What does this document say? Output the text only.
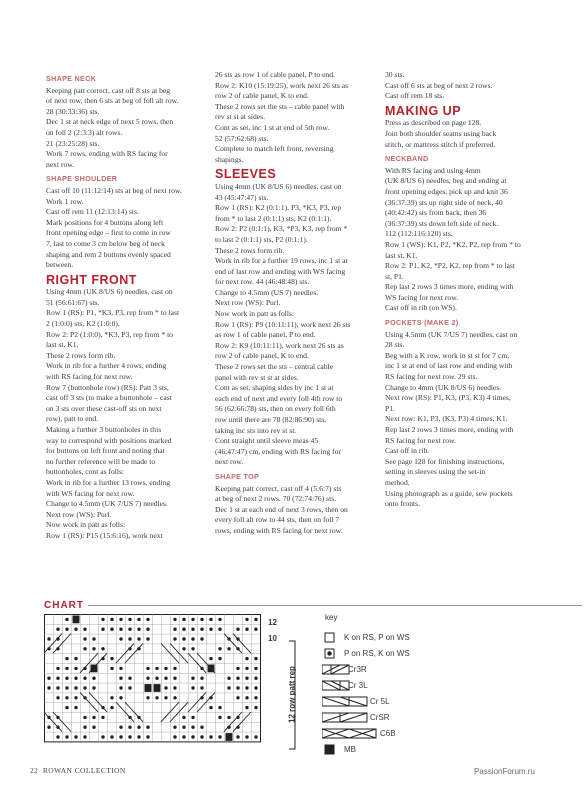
SHAPE NECK
Keeping patt correct, cast off 8 sts at beg
of next row, then 6 sts at beg of foll alt row.
28 (30:33:36) sts.
Dec 1 st at neck edge of next 5 rows, then
on foll 2 (2:3:3) alt rows.
21 (23:25:28) sts.
Work 7 rows, ending with RS facing for
next row.
SHAPE SHOULDER
Cast off 10 (11:12:14) sts at beg of next row.
Work 1 row.
Cast off rem 11 (12:13:14) sts.
Mark positions for 4 buttons along left
front opening edge – first to come in row
7, last to come 3 cm below beg of neck
shaping and rem 2 buttons evenly spaced
between.
RIGHT FRONT
Using 4mm (UK 8/US 6) needles, cast on
51 (56:61:67) sts.
Row 1 (RS): P1, *K3, P3, rep from * to last
2 (1:0:0) sts, K2 (1:0:0).
Row 2: P2 (1:0:0), *K3, P3, rep from * to
last st, K1.
These 2 rows form rib.
Work in rib for a further 4 rows, ending
with RS facing for next row.
Row 7 (buttonhole row) (RS): Patt 3 sts,
cast off 3 sts (to make a buttonhole – cast
on 3 sts over these cast-off sts on next
row), patt to end.
Making a further 3 buttonholes in this
way to correspond with positions marked
for buttons on left front and noting that
no further reference will be made to
buttonholes, cont as folls:
Work in rib for a further 13 rows, ending
with WS facing for next row.
Change to 4.5mm (UK 7/US 7) needles.
Next row (WS): Purl.
Now work in patt as folls:
Row 1 (RS): P15 (15:6:16), work next
26 sts as row 1 of cable panel, P to end.
Row 2: K10 (15:19:25), work next 26 sts as
row 2 of cable panel, K to end.
These 2 rows set the sts – cable panel with
rev st st at sides.
Cont as set, inc 1 st at end of 5th row.
52 (57:62:68) sts.
Complete to match left front, reversing
shapings.
SLEEVES
Using 4mm (UK 8/US 6) needles, cast on
43 (45:47:47) sts.
Row 1 (RS): K2 (0:1:1), P3, *K3, P3, rep
from * to last 2 (0:1:1) sts, K2 (0:1:1).
Row 2: P2 (0:1:1), K3, *P3, K3, rep from *
to last 2 (0:1:1) sts, P2 (0:1:1).
These 2 rows form rib.
Work in rib for a further 19 rows, inc 1 st at
end of last row and ending with WS facing
for next row. 44 (46:48:48) sts.
Change to 4.5mm (US 7) needles.
Next row (WS): Purl.
Now work in patt as folls:
Row 1 (RS): P9 (10:11:11), work next 26 sts
as row 1 of cable panel, P to end.
Row 2: K9 (10:11:11), work next 26 sts as
row 2 of cable panel, K to end.
These 2 rows set the sts – central cable
panel with rev st st at sides.
Cont as set, shaping sides by inc 1 st at
each end of next and every foll 4th row to
56 (62:66:78) sts, then on every foll 6th
row until there are 78 (82:86:90) sts,
taking inc sts into rev st st.
Cont straight until sleeve meas 45
(46:47:47) cm, ending with RS facing for
next row.
SHAPE TOP
Keeping patt correct, cast off 4 (5:6:7) sts
at beg of next 2 rows. 70 (72:74:76) sts.
Dec 1 st at each end of next 3 rows, then on
every foll alt row to 44 sts, then on foll 7
rows, ending with RS facing for next row.
30 sts.
Cast off 6 sts at beg of next 2 rows.
Cast off rem 18 sts.
MAKING UP
Press as described on page 128.
Join both shoulder seams using back
stitch, or mattress stitch if preferred.
NECKBAND
With RS facing and using 4mm
(UK 8/US 6) needles, beg and ending at
front opening edges, pick up and knit 36
(36:37:39) sts up right side of neck, 40
(40:42:42) sts from back, then 36
(36:37:39) sts down left side of neck.
112 (112:116:120) sts.
Row 1 (WS): K1, P2, *K2, P2, rep from * to
last st, K1.
Row 2: P1, K2, *P2, K2, rep from * to last
st, P1.
Rep last 2 rows 3 times more, ending with
WS facing for next row.
Cast off in rib (on WS).
POCKETS (MAKE 2)
Using 4.5mm (UK 7/US 7) needles, cast on
28 sts.
Beg with a K row, work in st st for 7 cm,
inc 1 st at end of last row and ending with
RS facing for next row. 29 sts.
Change to 4mm (UK 8/US 6) needles.
Next row (RS): P1, K3, (P3, K3) 4 times,
P1.
Next row: K1, P3, (K3, P3) 4 times, K1.
Rep last 2 rows 3 times more, ending with
RS facing for next row.
Cast off in rib.
See page 128 for finishing instructions,
setting in sleeves using the set-in
method.
Using photograph as a guide, sew pockets
onto fronts.
CHART
12
10
12 row patt rep
key
K on RS, P on WS
P on RS, K on WS
Cr3R
Cr 3L
Cr 5L
CrSR
C6B
MB
22 ROWAN COLLECTION	PassionForum.ru
